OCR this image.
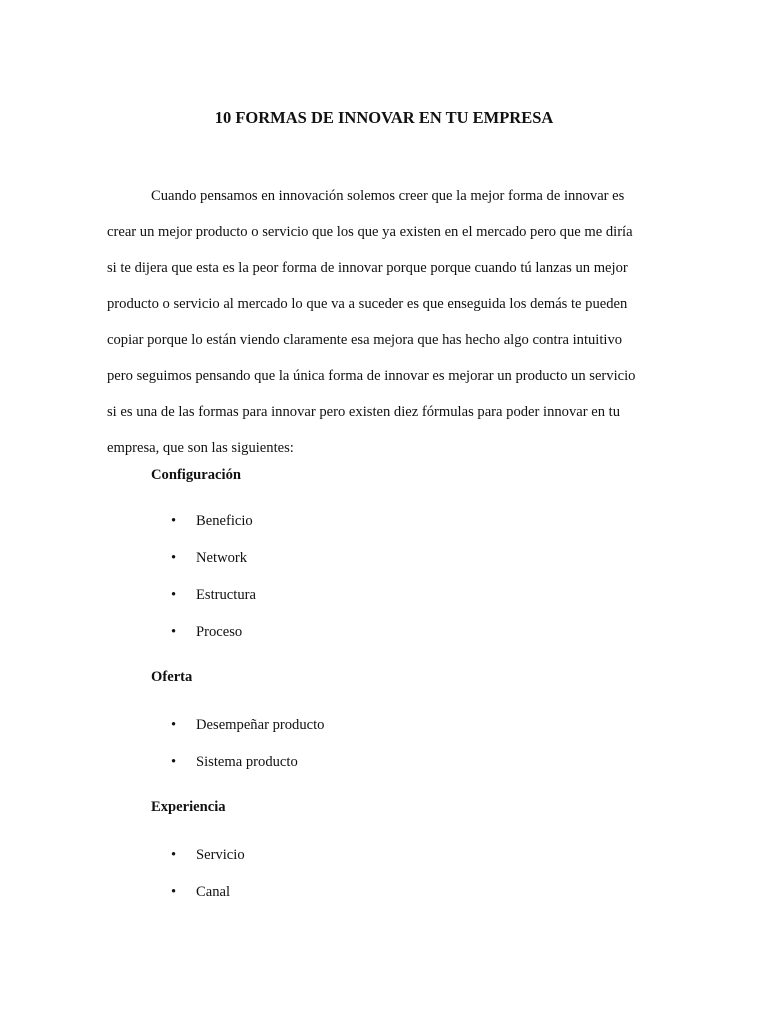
10 FORMAS DE INNOVAR EN TU EMPRESA

Cuando pensamos en innovación solemos creer que la mejor forma de innovar es
crear un mejor producto o servicio que los que ya existen en el mercado pero que me diría
si te dijera que esta es la peor forma de innovar porque porque cuando tú lanzas un mejor
producto o servicio al mercado lo que va a suceder es que enseguida los demás te pueden
copiar porque lo están viendo claramente esa mejora que has hecho algo contra intuitivo
pero seguimos pensando que la única forma de innovar es mejorar un producto un servicio
si es una de las formas para innovar pero existen diez fórmulas para poder innovar en tu
empresa, que son las siguientes:

Configuración
•	Beneficio
•	Network
•	Estructura
•	Proceso
Oferta
•	Desempeñar producto
•	Sistema producto
Experiencia
•	Servicio
•	Canal
